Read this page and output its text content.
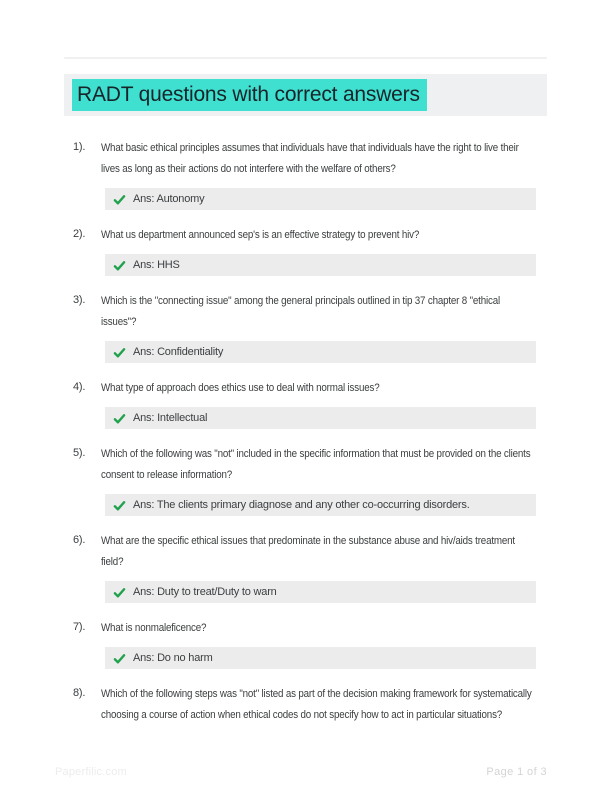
RADT questions with correct answers
1).	What basic ethical principles assumes that individuals have that individuals have the right to live their lives as long as their actions do not interfere with the welfare of others?
Ans: Autonomy
2).	What us department announced sep's is an effective strategy to prevent hiv?
Ans: HHS
3).	Which is the "connecting issue" among the general principals outlined in tip 37 chapter 8 "ethical issues"?
Ans: Confidentiality
4).	What type of approach does ethics use to deal with normal issues?
Ans: Intellectual
5).	Which of the following was "not" included in the specific information that must be provided on the clients consent to release information?
Ans: The clients primary diagnose and any other co-occurring disorders.
6).	What are the specific ethical issues that predominate in the substance abuse and hiv/aids treatment field?
Ans: Duty to treat/Duty to warn
7).	What is nonmaleficence?
Ans: Do no harm
8).	Which of the following steps was "not" listed as part of the decision making framework for systematically choosing a course of action when ethical codes do not specify how to act in particular situations?
Paperfilic.com	Page 1 of 3
